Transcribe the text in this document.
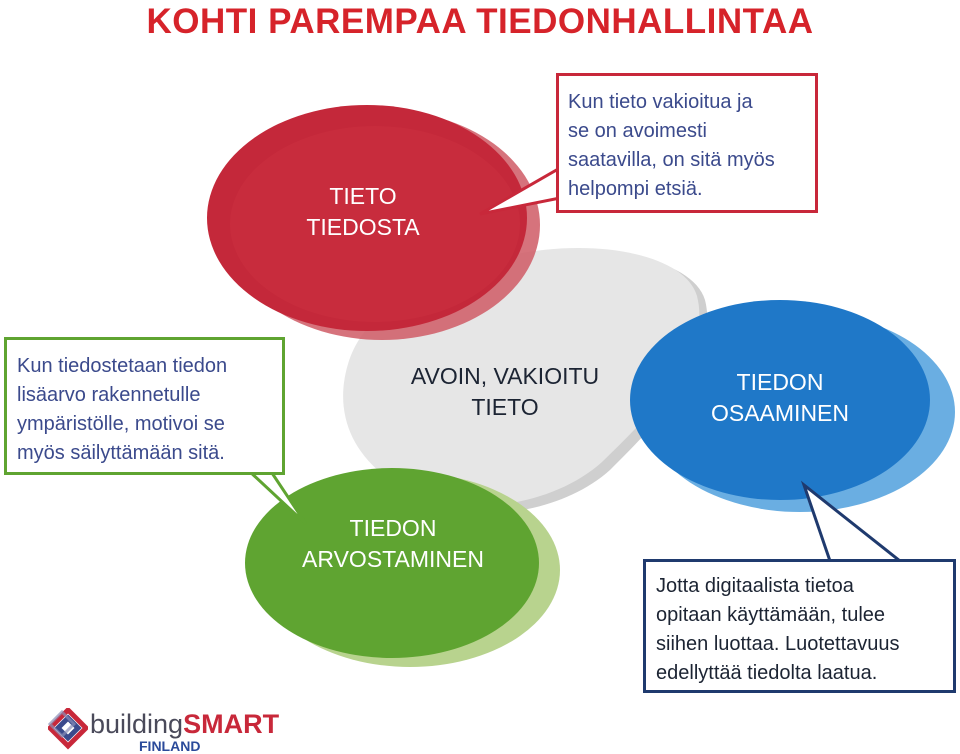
KOHTI PAREMPAA TIEDONHALLINTAA
TIETO
TIEDOSTA
AVOIN, VAKIOITU
TIETO
TIEDON
OSAAMINEN
TIEDON
ARVOSTAMINEN
Kun tieto vakioitua ja
se on avoimesti
saatavilla, on sitä myös
helpompi etsiä.
Kun tiedostetaan tiedon
lisäarvo rakennetulle
ympäristölle, motivoi se
myös säilyttämään sitä.
Jotta digitaalista tietoa
opitaan käyttämään, tulee
siihen luottaa. Luotettavuus
edellyttää tiedolta laatua.
buildingSMART
FINLAND
